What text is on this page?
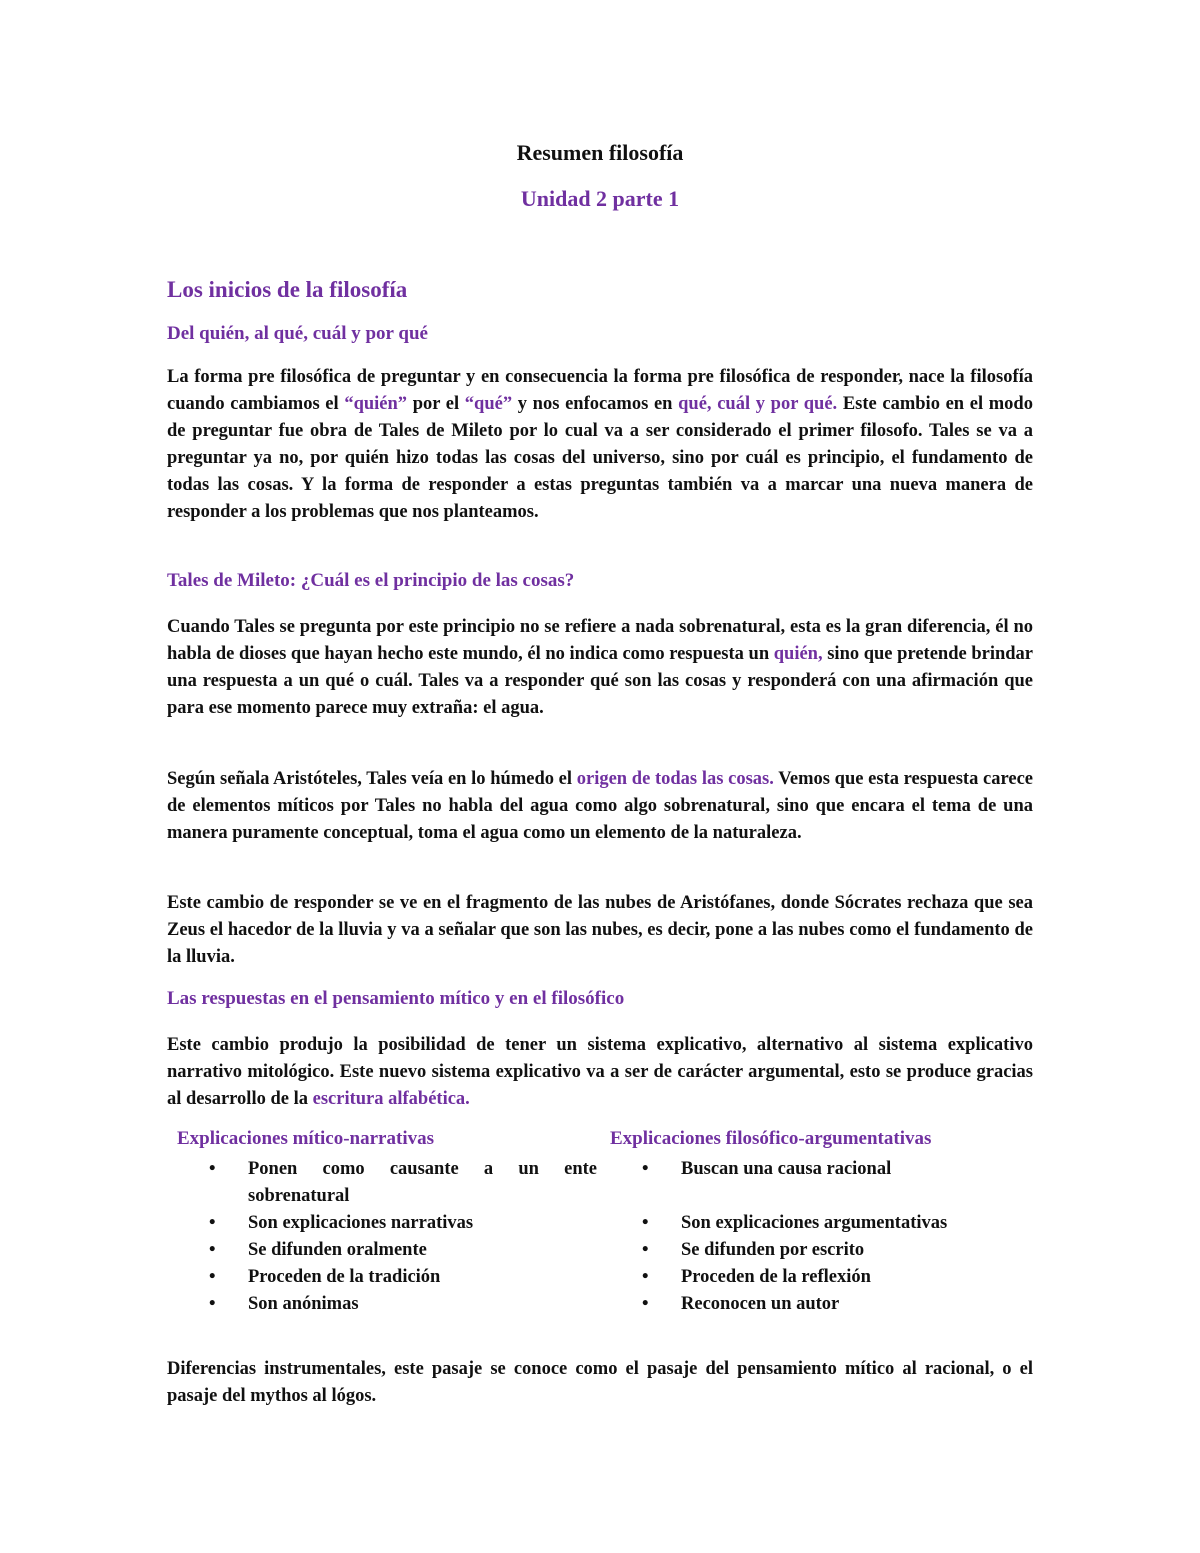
Resumen filosofía
Unidad 2 parte 1
Los inicios de la filosofía
Del quién, al qué, cuál y por qué

La forma pre filosófica de preguntar y en consecuencia la forma pre filosófica de responder, nace la filosofía cuando cambiamos el “quién” por el “qué” y nos enfocamos en qué, cuál y por qué. Este cambio en el modo de preguntar fue obra de Tales de Mileto por lo cual va a ser considerado el primer filosofo. Tales se va a preguntar ya no, por quién hizo todas las cosas del universo, sino por cuál es principio, el fundamento de todas las cosas. Y la forma de responder a estas preguntas también va a marcar una nueva manera de responder a los problemas que nos planteamos.

Tales de Mileto: ¿Cuál es el principio de las cosas?

Cuando Tales se pregunta por este principio no se refiere a nada sobrenatural, esta es la gran diferencia, él no habla de dioses que hayan hecho este mundo, él no indica como respuesta un quién, sino que pretende brindar una respuesta a un qué o cuál. Tales va a responder qué son las cosas y responderá con una afirmación que para ese momento parece muy extraña: el agua.

Según señala Aristóteles, Tales veía en lo húmedo el origen de todas las cosas. Vemos que esta respuesta carece de elementos míticos por Tales no habla del agua como algo sobrenatural, sino que encara el tema de una manera puramente conceptual, toma el agua como un elemento de la naturaleza.

Este cambio de responder se ve en el fragmento de las nubes de Aristófanes, donde Sócrates rechaza que sea Zeus el hacedor de la lluvia y va a señalar que son las nubes, es decir, pone a las nubes como el fundamento de la lluvia.

Las respuestas en el pensamiento mítico y en el filosófico

Este cambio produjo la posibilidad de tener un sistema explicativo, alternativo al sistema explicativo narrativo mitológico. Este nuevo sistema explicativo va a ser de carácter argumental, esto se produce gracias al desarrollo de la escritura alfabética.

Explicaciones mítico-narrativas
• Ponen como causante a un ente sobrenatural
• Son explicaciones narrativas
• Se difunden oralmente
• Proceden de la tradición
• Son anónimas
Explicaciones filosófico-argumentativas
• Buscan una causa racional
• Son explicaciones argumentativas
• Se difunden por escrito
• Proceden de la reflexión
• Reconocen un autor

Diferencias instrumentales, este pasaje se conoce como el pasaje del pensamiento mítico al racional, o el pasaje del mythos al lógos.
